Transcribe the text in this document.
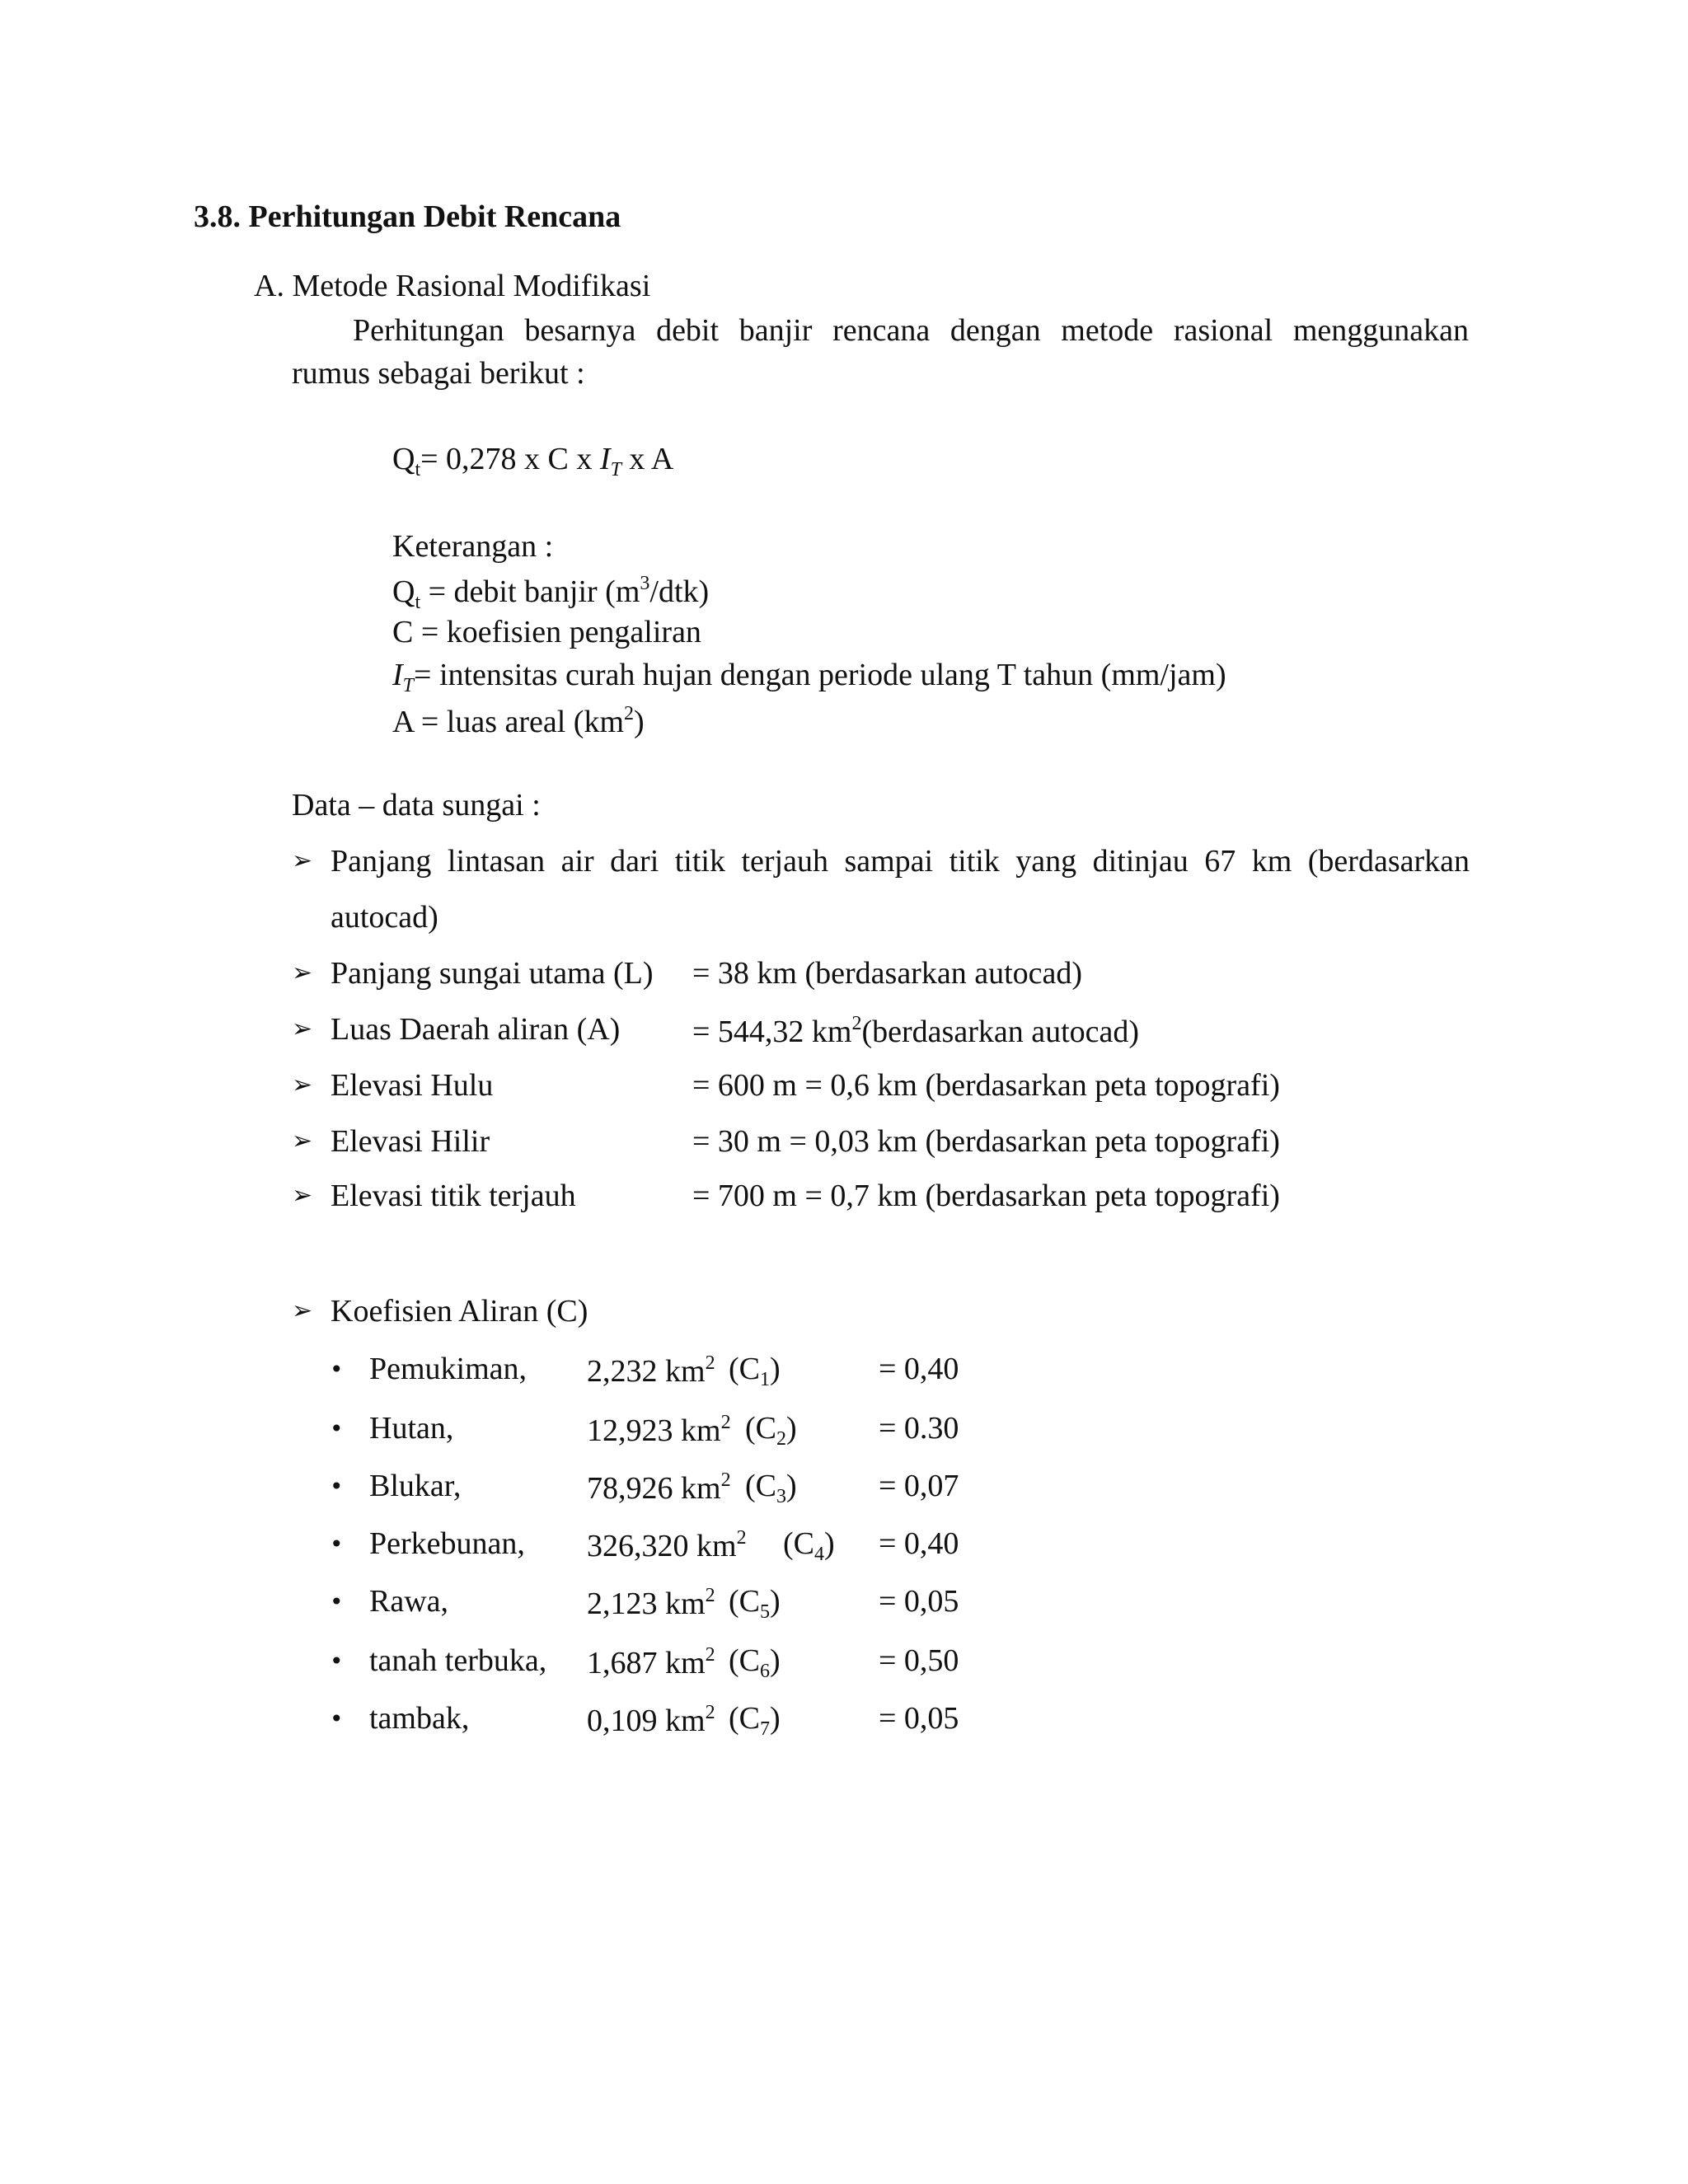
3.8. Perhitungan Debit Rencana
A. Metode Rasional Modifikasi
Perhitungan besarnya debit banjir rencana dengan metode rasional menggunakan
rumus sebagai berikut :
$Q_t= 0,278$ x C x $I_T$ x A
Keterangan :
$Q_t$ = debit banjir $(m^3/dtk)$
C = koefisien pengaliran
$I_T=$ intensitas curah hujan dengan periode ulang T tahun (mm/jam)
A = luas areal $(km^2)$
Data – data sungai :
➢ Panjang lintasan air dari titik terjauh sampai titik yang ditinjau 67 km (berdasarkan
autocad)
➢ Panjang sungai utama (L) = 38 km (berdasarkan autocad)
➢ Luas Daerah aliran (A) = 544,32 $km^2(berdasarkan$ autocad)
➢ Elevasi Hulu	= 600 m = 0,6 km (berdasarkan peta topografi)
➢ Elevasi Hilir	= 30 m = 0,03 km (berdasarkan peta topografi)
➢ Elevasi titik terjauh	= 700 m = 0,7 km (berdasarkan peta topografi)
➢ Koefisien Aliran (C)
• Pemukiman, 2,232 $km^2$ $(C_1)$	= 0,40
• Hutan,	12,923 $km^2$ $(C_2)$	= 0.30
• Blukar,	78,926 $km^2$ $(C_3)$	= 0,07
• Perkebunan, 326,320 $km^2$ $(C_4) = 0,40$
• Rawa,	2,123 $km^2$ $(C_5)$	= 0,05
• tanah terbuka, 1,687 $km^2$ $(C_6)$	= 0,50
• tambak,	0,109 $km^2$ $(C_7)$	= 0,05
